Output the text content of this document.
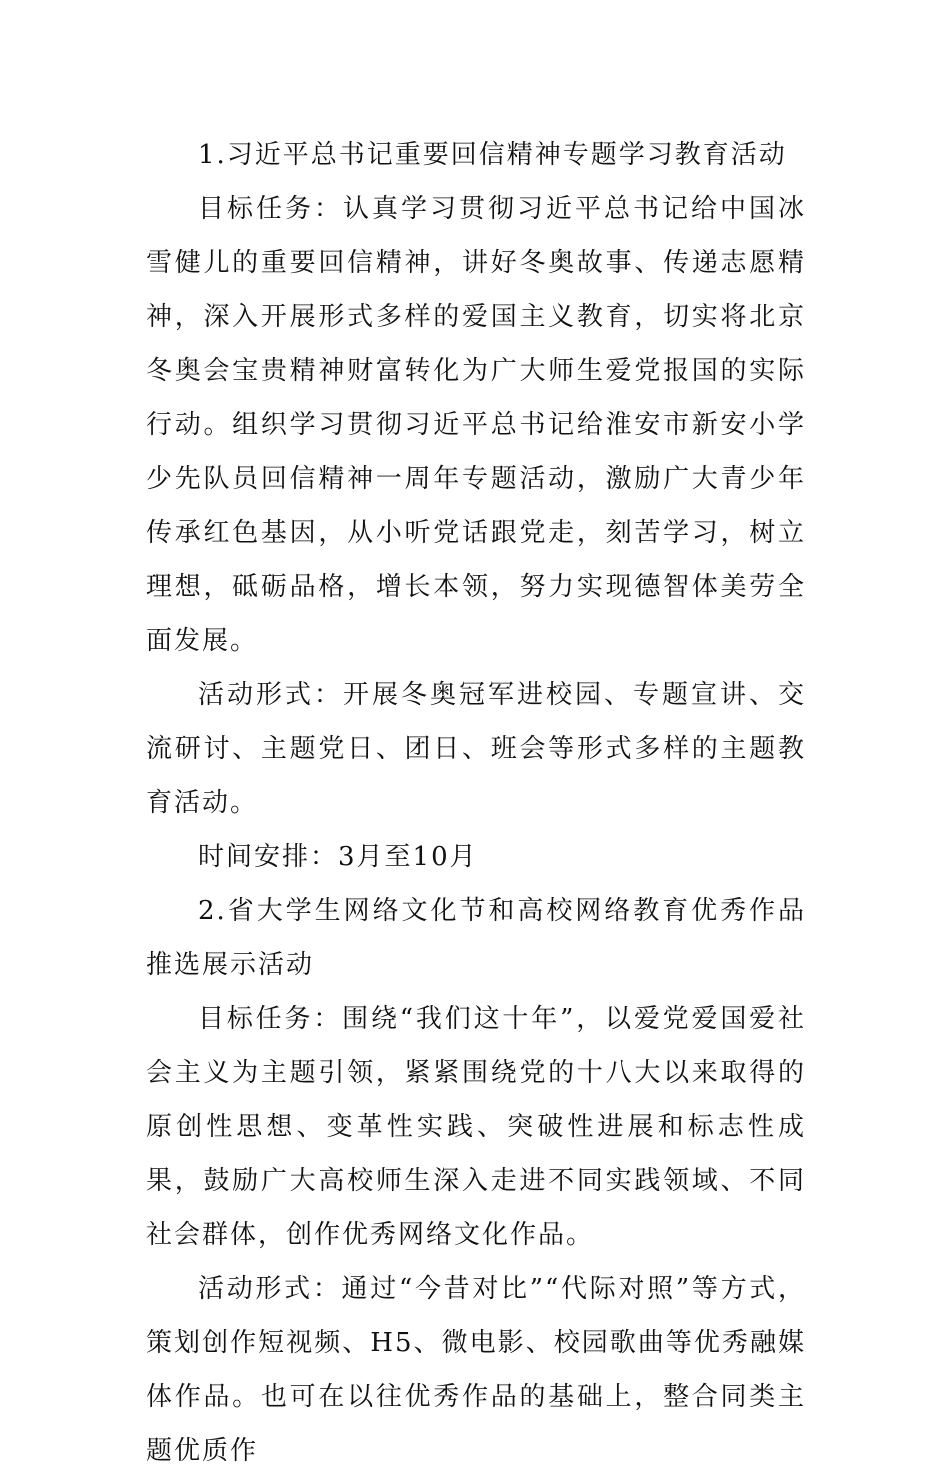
1.习近平总书记重要回信精神专题学习教育活动

目标任务：认真学习贯彻习近平总书记给中国冰雪健儿的重要回信精神，讲好冬奥故事、传递志愿精神，深入开展形式多样的爱国主义教育，切实将北京冬奥会宝贵精神财富转化为广大师生爱党报国的实际行动。组织学习贯彻习近平总书记给淮安市新安小学少先队员回信精神一周年专题活动，激励广大青少年传承红色基因，从小听党话跟党走，刻苦学习，树立理想，砥砺品格，增长本领，努力实现德智体美劳全面发展。

活动形式：开展冬奥冠军进校园、专题宣讲、交流研讨、主题党日、团日、班会等形式多样的主题教育活动。

时间安排：3月至10月

2.省大学生网络文化节和高校网络教育优秀作品推选展示活动

目标任务：围绕“我们这十年”，以爱党爱国爱社会主义为主题引领，紧紧围绕党的十八大以来取得的原创性思想、变革性实践、突破性进展和标志性成果，鼓励广大高校师生深入走进不同实践领域、不同社会群体，创作优秀网络文化作品。

活动形式：通过“今昔对比”“代际对照”等方式，策划创作短视频、H5、微电影、校园歌曲等优秀融媒体作品。也可在以往优秀作品的基础上，整合同类主题优质作
